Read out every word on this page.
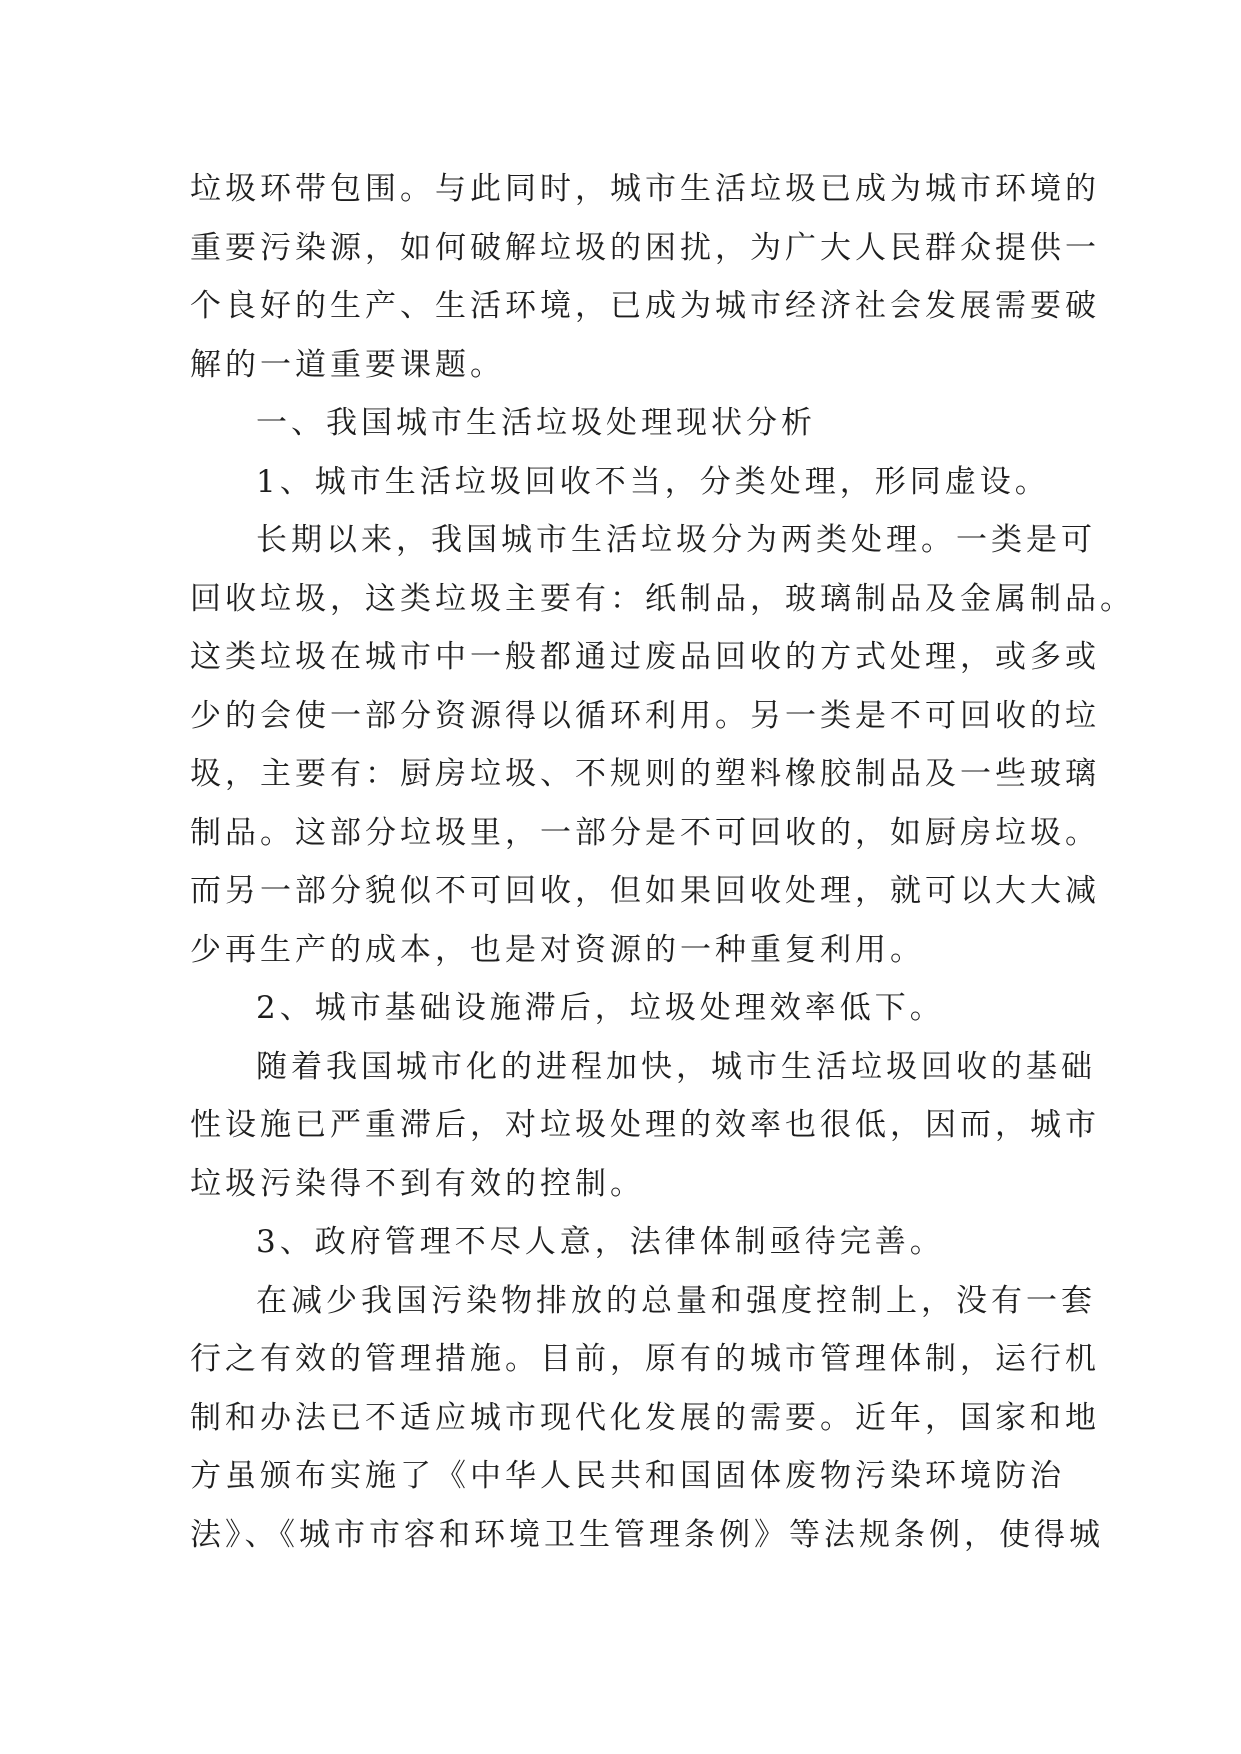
垃圾环带包围。与此同时，城市生活垃圾已成为城市环境的
重要污染源，如何破解垃圾的困扰，为广大人民群众提供一
个良好的生产、生活环境，已成为城市经济社会发展需要破
解的一道重要课题。
一、我国城市生活垃圾处理现状分析
1、城市生活垃圾回收不当，分类处理，形同虚设。
长期以来，我国城市生活垃圾分为两类处理。一类是可
回收垃圾，这类垃圾主要有：纸制品，玻璃制品及金属制品。
这类垃圾在城市中一般都通过废品回收的方式处理，或多或
少的会使一部分资源得以循环利用。另一类是不可回收的垃
圾，主要有：厨房垃圾、不规则的塑料橡胶制品及一些玻璃
制品。这部分垃圾里，一部分是不可回收的，如厨房垃圾。
而另一部分貌似不可回收，但如果回收处理，就可以大大减
少再生产的成本，也是对资源的一种重复利用。
2、城市基础设施滞后，垃圾处理效率低下。
随着我国城市化的进程加快，城市生活垃圾回收的基础
性设施已严重滞后，对垃圾处理的效率也很低，因而，城市
垃圾污染得不到有效的控制。
3、政府管理不尽人意，法律体制亟待完善。
在减少我国污染物排放的总量和强度控制上，没有一套
行之有效的管理措施。目前，原有的城市管理体制，运行机
制和办法已不适应城市现代化发展的需要。近年，国家和地
方虽颁布实施了《中华人民共和国固体废物污染环境防治
法》、《城市市容和环境卫生管理条例》等法规条例，使得城
